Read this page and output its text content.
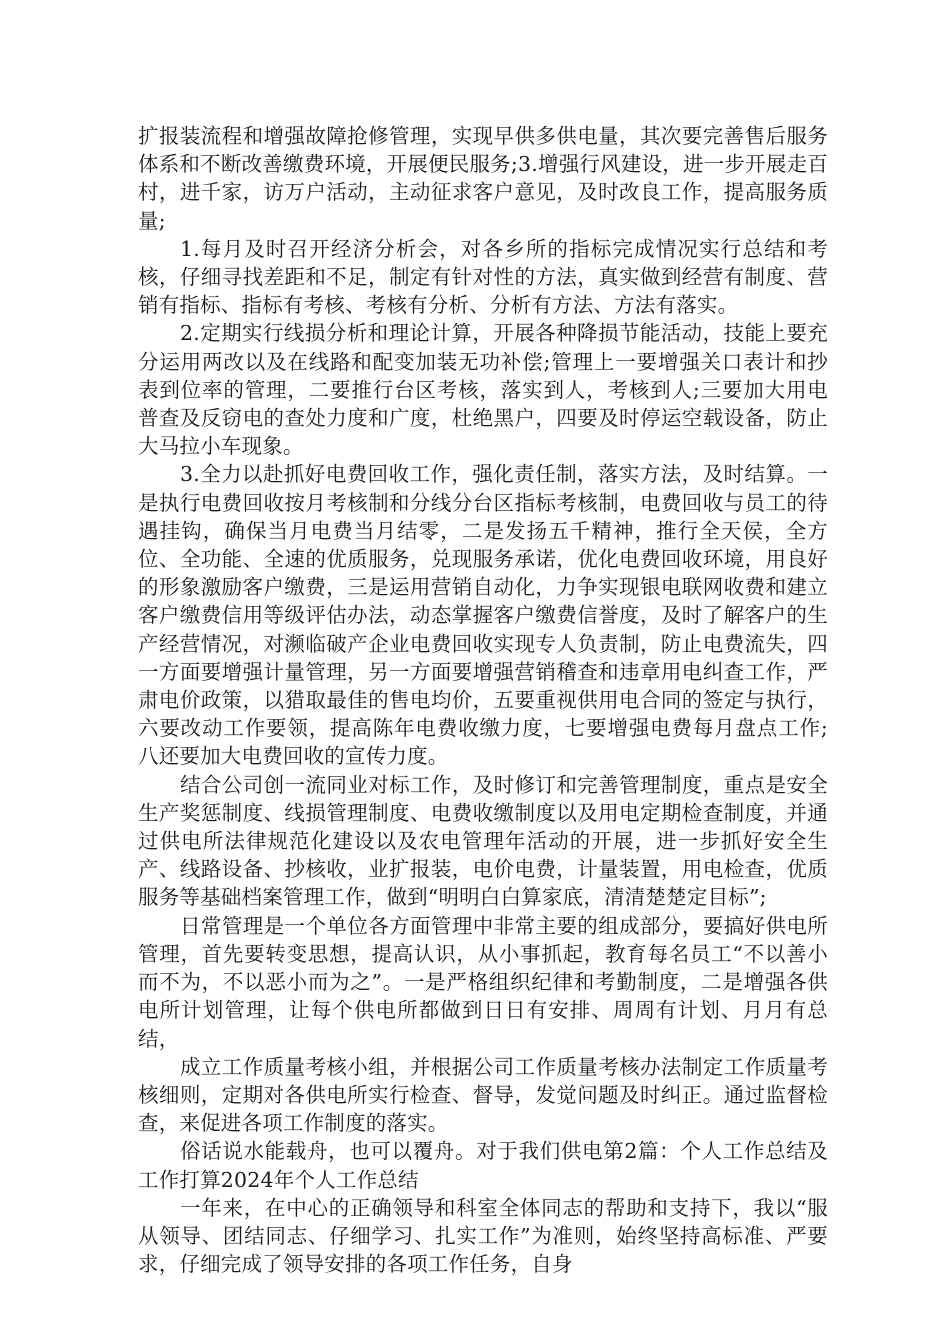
扩报装流程和增强故障抢修管理，实现早供多供电量，其次要完善售后服务体系和不断改善缴费环境，开展便民服务;3.增强行风建设，进一步开展走百村，进千家，访万户活动，主动征求客户意见，及时改良工作，提高服务质量;

1.每月及时召开经济分析会，对各乡所的指标完成情况实行总结和考核，仔细寻找差距和不足，制定有针对性的方法，真实做到经营有制度、营销有指标、指标有考核、考核有分析、分析有方法、方法有落实。

2.定期实行线损分析和理论计算，开展各种降损节能活动，技能上要充分运用两改以及在线路和配变加装无功补偿;管理上一要增强关口表计和抄表到位率的管理，二要推行台区考核，落实到人，考核到人;三要加大用电普查及反窃电的查处力度和广度，杜绝黑户，四要及时停运空载设备，防止大马拉小车现象。

3.全力以赴抓好电费回收工作，强化责任制，落实方法，及时结算。一是执行电费回收按月考核制和分线分台区指标考核制，电费回收与员工的待遇挂钩，确保当月电费当月结零，二是发扬五千精神，推行全天侯，全方位、全功能、全速的优质服务，兑现服务承诺，优化电费回收环境，用良好的形象激励客户缴费，三是运用营销自动化，力争实现银电联网收费和建立客户缴费信用等级评估办法，动态掌握客户缴费信誉度，及时了解客户的生产经营情况，对濒临破产企业电费回收实现专人负责制，防止电费流失，四一方面要增强计量管理，另一方面要增强营销稽查和违章用电纠查工作，严肃电价政策，以猎取最佳的售电均价，五要重视供用电合同的签定与执行，六要改动工作要领，提高陈年电费收缴力度，七要增强电费每月盘点工作;八还要加大电费回收的宣传力度。

结合公司创一流同业对标工作，及时修订和完善管理制度，重点是安全生产奖惩制度、线损管理制度、电费收缴制度以及用电定期检查制度，并通过供电所法律规范化建设以及农电管理年活动的开展，进一步抓好安全生产、线路设备、抄核收，业扩报装，电价电费，计量装置，用电检查，优质服务等基础档案管理工作，做到“明明白白算家底，清清楚楚定目标”;

日常管理是一个单位各方面管理中非常主要的组成部分，要搞好供电所管理，首先要转变思想，提高认识，从小事抓起，教育每名员工“不以善小而不为，不以恶小而为之”。一是严格组织纪律和考勤制度，二是增强各供电所计划管理，让每个供电所都做到日日有安排、周周有计划、月月有总结，

成立工作质量考核小组，并根据公司工作质量考核办法制定工作质量考核细则，定期对各供电所实行检查、督导，发觉问题及时纠正。通过监督检查，来促进各项工作制度的落实。

俗话说水能载舟，也可以覆舟。对于我们供电第2篇：个人工作总结及工作打算2024年个人工作总结

一年来，在中心的正确领导和科室全体同志的帮助和支持下，我以“服从领导、团结同志、仔细学习、扎实工作”为准则，始终坚持高标准、严要求，仔细完成了领导安排的各项工作任务，自身
